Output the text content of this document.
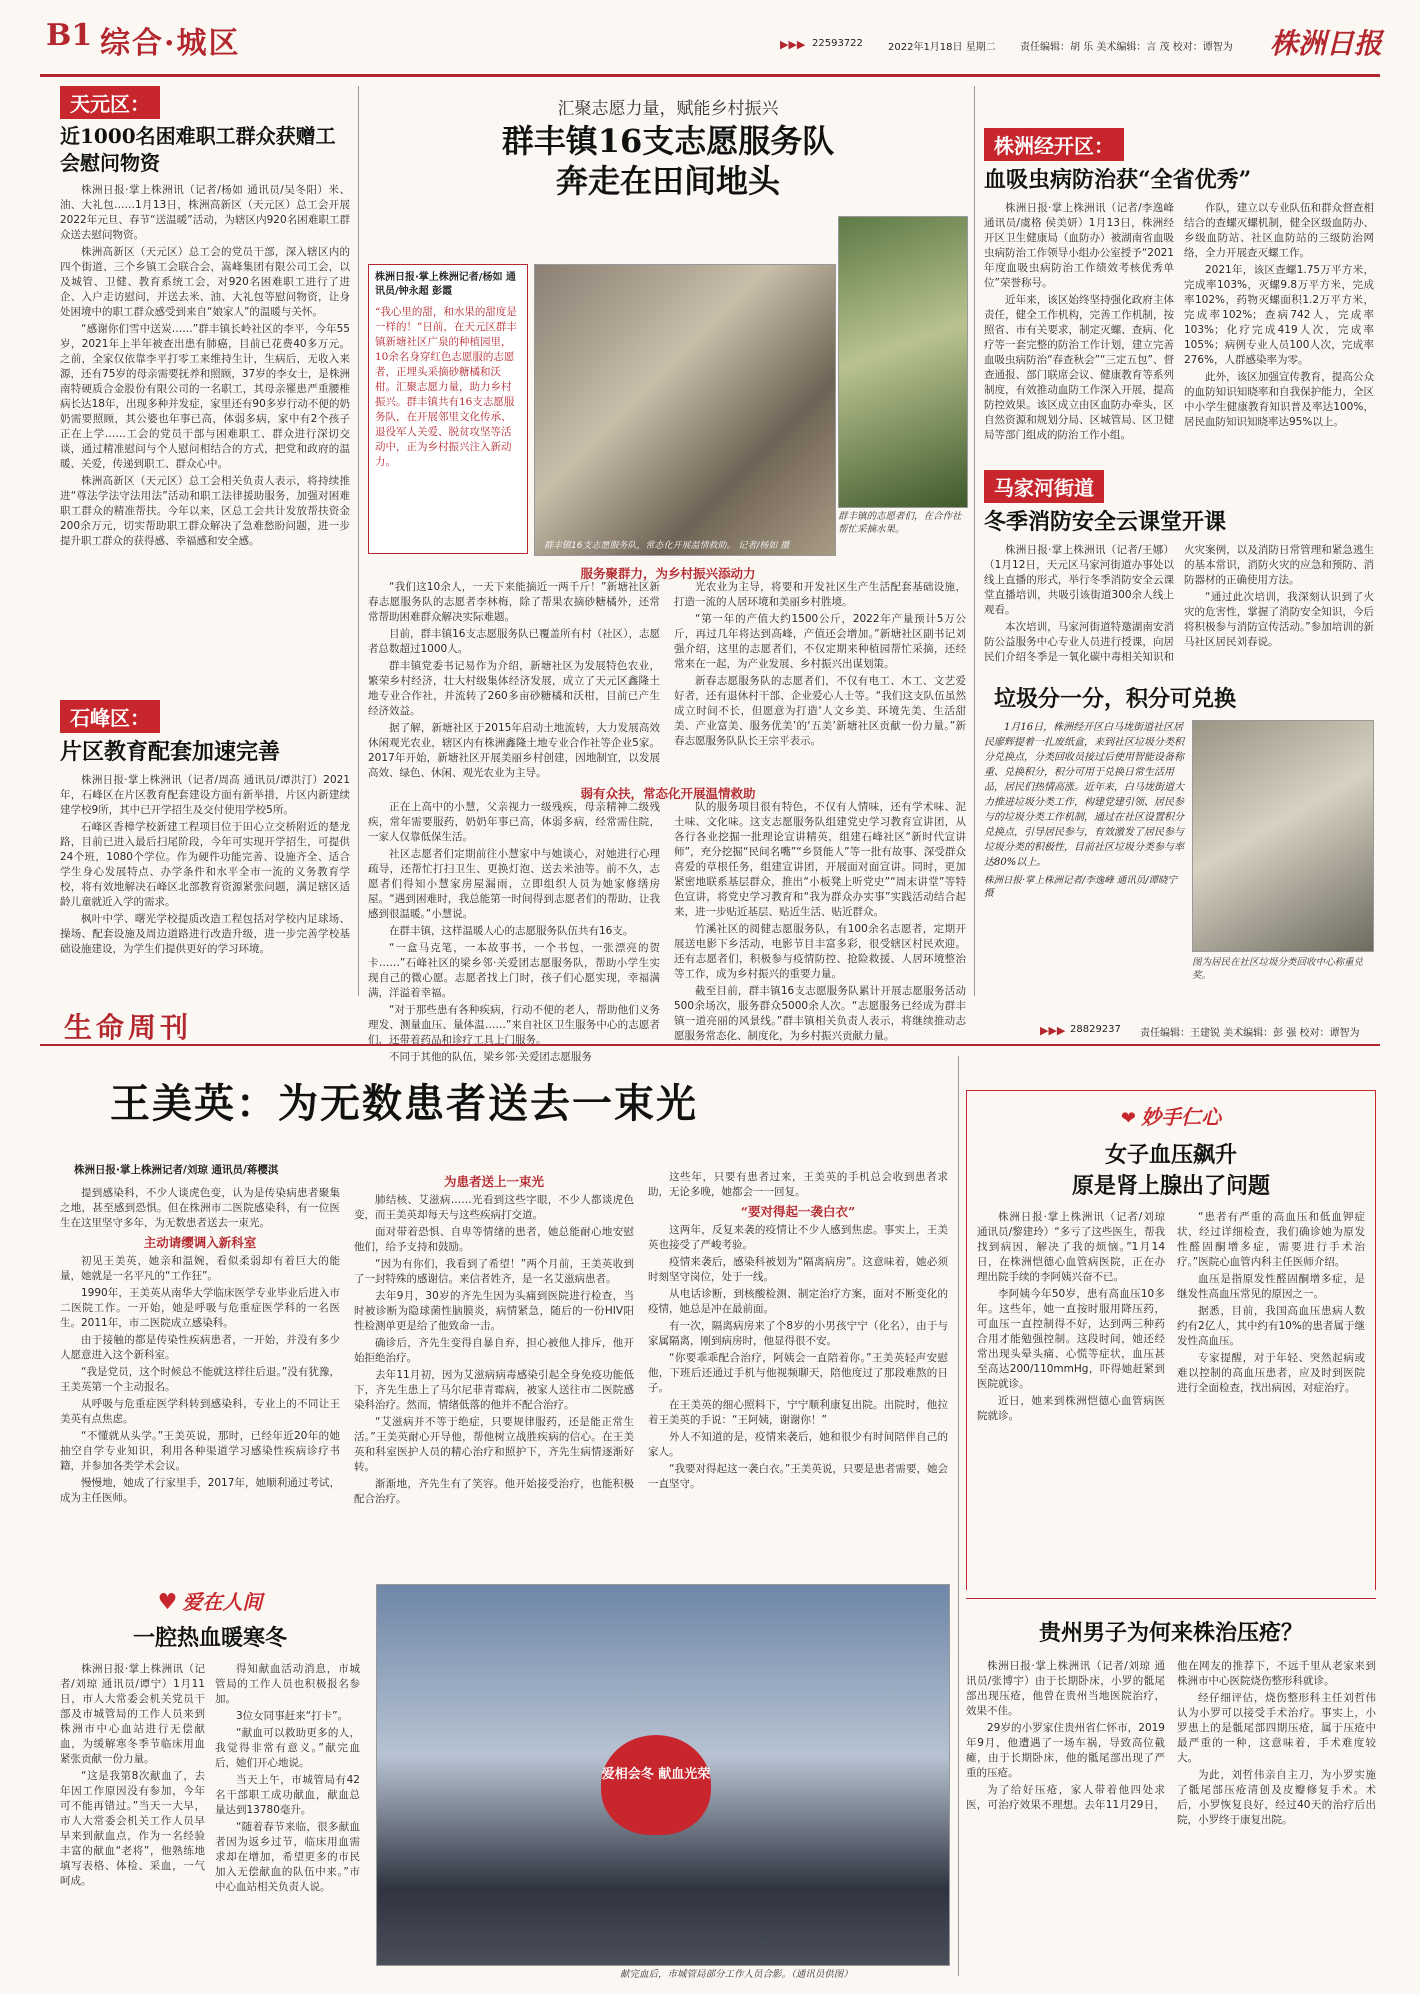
B1 综合·城区	▶▶▶ 22593722	2022年1月18日 星期二 责任编辑：胡 乐 美术编辑：言 茂 校对：谭智为 株洲日报
天元区：
近1000名困难职工群众获赠工会慰问物资

株洲日报·掌上株洲讯（记者/杨如 通讯员/吴冬阳）米、油、大礼包……1月13日，株洲高新区（天元区）总工会开展2022年元旦、春节“送温暖”活动，为辖区内920名困难职工群众送去慰问物资。

株洲高新区（天元区）总工会的党员干部，深入辖区内的四个街道、三个乡镇工会联合会，嵩峰集团有限公司工会，以及城管、卫健、教育系统工会，对920名困难职工进行了进企、入户走访慰问，并送去米、油、大礼包等慰问物资，让身处困境中的职工群众感受到来自“娘家人”的温暖与关怀。

“感谢你们雪中送炭……”群丰镇长岭社区的李平，今年55岁，2021年上半年被查出患有肺癌，目前已花费40多万元。之前，全家仅依靠李平打零工来维持生计，生病后，无收入来源，还有75岁的母亲需要抚养和照顾，37岁的李女士，是株洲南特硬质合金股份有限公司的一名职工，其母亲罹患严重腰椎病长达18年，出现多种并发症，家里还有90多岁行动不便的奶奶需要照顾，其公婆也年事已高，体弱多病，家中有2个孩子正在上学……工会的党员干部与困难职工、群众进行深切交谈，通过精准慰问与个人慰问相结合的方式，把党和政府的温暖、关爱，传递到职工、群众心中。

株洲高新区（天元区）总工会相关负责人表示，将持续推进“尊法学法守法用法”活动和职工法律援助服务，加强对困难职工群众的精准帮扶。今年以来，区总工会共计发放帮扶资金200余万元，切实帮助职工群众解决了急难愁盼问题，进一步提升职工群众的获得感、幸福感和安全感。

石峰区：
片区教育配套加速完善

株洲日报·掌上株洲讯（记者/周高 通讯员/谭洪汀）2021年，石峰区在片区教育配套建设方面有新举措，片区内新建续建学校9所，其中已开学招生及交付使用学校5所。

石峰区香樟学校新建工程项目位于田心立交桥附近的楚龙路，目前已进入最后扫尾阶段，今年可实现开学招生，可提供24个班，1080个学位。作为硬件功能完善、设施齐全、适合学生身心发展特点、办学条件和水平全市一流的义务教育学校，将有效地解决石峰区北部教育资源紧张问题，满足辖区适龄儿童就近入学的需求。

枫叶中学、曙光学校提质改造工程包括对学校内足球场、操场、配套设施及周边道路进行改造升级，进一步完善学校基础设施建设，为学生们提供更好的学习环境。

汇聚志愿力量，赋能乡村振兴
群丰镇16支志愿服务队
奔走在田间地头
株洲日报·掌上株洲记者/杨如 通讯员/钟永超 彭霞
“我心里的甜，和水果的甜度是一样的！”日前，在天元区群丰镇新塘社区广泉的种植园里，10余名身穿红色志愿服的志愿者，正埋头采摘砂糖橘和沃柑。汇聚志愿力量，助力乡村振兴。群丰镇共有16支志愿服务队，在开展邻里文化传承、退役军人关爱、脱贫攻坚等活动中，正为乡村振兴注入新动力。
群丰镇16支志愿服务队，常态化开展温情救助。 记者/杨如 摄
群丰镇的志愿者们，在合作社帮忙采摘水果。
服务聚群力，为乡村振兴添动力

“我们这10余人，一天下来能摘近一两千斤！”新塘社区新春志愿服务队的志愿者李林梅，除了帮果农摘砂糖橘外，还常常帮助困难群众解决实际难题。

目前，群丰镇16支志愿服务队已覆盖所有村（社区），志愿者总数超过1000人。

群丰镇党委书记易作为介绍，新塘社区为发展特色农业，繁荣乡村经济，壮大村级集体经济发展，成立了天元区鑫隆土地专业合作社，并流转了260多亩砂糖橘和沃柑，目前已产生经济效益。

据了解，新塘社区于2015年启动土地流转，大力发展高效休闲观光农业，辖区内有株洲鑫隆土地专业合作社等企业5家。2017年开始，新塘社区开展美丽乡村创建，因地制宜，以发展高效、绿色、休闲、观光农业为主导。

光农业为主导，将要和开发社区生产生活配套基础设施，打造一流的人居环境和美丽乡村胜境。

“第一年的产值大约1500公斤，2022年产量预计5万公斤，再过几年将达到高峰，产值还会增加。”新塘社区副书记刘强介绍，这里的志愿者们，不仅定期来种植园帮忙采摘，还经常来在一起，为产业发展、乡村振兴出谋划策。

新春志愿服务队的志愿者们，不仅有电工、木工、文艺爱好者，还有退休村干部、企业爱心人士等。“我们这支队伍虽然成立时间不长，但愿意为打造‘人文乡美、环境先美、生活甜美、产业富美、服务优美’的‘五美’新塘社区贡献一份力量。”新春志愿服务队队长王宗平表示。

弱有众扶，常态化开展温情救助

正在上高中的小慧，父亲视力一级残疾，母亲精神二级残疾，常年需要服药，奶奶年事已高，体弱多病，经常需住院，一家人仅靠低保生活。

社区志愿者们定期前往小慧家中与她谈心，对她进行心理疏导，还帮忙打扫卫生、更换灯泡、送去米油等。前不久，志愿者们得知小慧家房屋漏雨，立即组织人员为她家修缮房屋。“遇到困难时，我总能第一时间得到志愿者们的帮助，让我感到很温暖。”小慧说。

在群丰镇，这样温暖人心的志愿服务队伍共有16支。

“一盒马克笔，一本故事书，一个书包，一张漂亮的贺卡……”石峰社区的梁乡邻·关爱团志愿服务队，帮助小学生实现自己的微心愿。志愿者找上门时，孩子们心愿实现，幸福满满，洋溢着幸福。

“对于那些患有各种疾病，行动不便的老人，帮助他们义务理发、测量血压、量体温……”来自社区卫生服务中心的志愿者们，还带着药品和诊疗工具上门服务。

不同于其他的队伍，梁乡邻·关爱团志愿服务

队的服务项目很有特色，不仅有人情味，还有学术味、泥土味、文化味。这支志愿服务队组建党史学习教育宣讲团，从各行各业挖掘一批理论宣讲精英，组建石峰社区“新时代宣讲师”，充分挖掘“民间名嘴”“乡贤能人”等一批有故事、深受群众喜爱的草根任务，组建宣讲团，开展面对面宣讲。同时，更加紧密地联系基层群众，推出“小板凳上听党史”“周末讲堂”等特色宣讲，将党史学习教育和“我为群众办实事”实践活动结合起来，进一步贴近基层、贴近生活、贴近群众。

竹溪社区的阅健志愿服务队，有100余名志愿者，定期开展送电影下乡活动，电影节目丰富多彩，很受辖区村民欢迎。还有志愿者们，积极参与疫情防控、抢险救援、人居环境整治等工作，成为乡村振兴的重要力量。

截至目前，群丰镇16支志愿服务队累计开展志愿服务活动500余场次，服务群众5000余人次。“志愿服务已经成为群丰镇一道亮丽的风景线。”群丰镇相关负责人表示，将继续推动志愿服务常态化、制度化，为乡村振兴贡献力量。

株洲经开区：
血吸虫病防治获“全省优秀”

株洲日报·掌上株洲讯（记者/李逸峰 通讯员/虞格 侯美妍）1月13日，株洲经开区卫生健康局（血防办）被湖南省血吸虫病防治工作领导小组办公室授予“2021年度血吸虫病防治工作绩效考核优秀单位”荣誉称号。

近年来，该区始终坚持强化政府主体责任，健全工作机构，完善工作机制，按照省、市有关要求，制定灭螺、查病、化疗等一套完整的防治工作计划，建立完善血吸虫病防治“春查秋会”“三定五包”、督查通报、部门联席会议、健康教育等系列制度，有效推动血防工作深入开展，提高防控效果。该区成立由区血防办牵头，区自然资源和规划分局、区城管局、区卫健局等部门组成的防治工作小组。

作队，建立以专业队伍和群众督查相结合的查螺灭螺机制，健全区级血防办、乡级血防站、社区血防站的三级防治网络，全力开展查灭螺工作。

2021年，该区查螺1.75万平方米，完成率103%，灭螺9.8万平方米，完成率102%，药物灭螺面积1.2万平方米，完成率102%；查病742人，完成率103%；化疗完成419人次，完成率105%；病例专业人员100人次，完成率276%，人群感染率为零。

此外，该区加强宣传教育，提高公众的血防知识知晓率和自我保护能力，全区中小学生健康教育知识普及率达100%，居民血防知识知晓率达95%以上。

马家河街道
冬季消防安全云课堂开课

株洲日报·掌上株洲讯（记者/王娜）（1月12日，天元区马家河街道办事处以线上直播的形式，举行冬季消防安全云课堂直播培训，共吸引该街道300余人线上观看。

本次培训，马家河街道特邀湖南安消防公益服务中心专业人员进行授课，向居民们介绍冬季是一氧化碳中毒相关知识和火灾案例，以及消防日常管理和紧急逃生的基本常识，消防火灾的应急和预防、消防器材的正确使用方法。

“通过此次培训，我深刻认识到了火灾的危害性，掌握了消防安全知识，今后将积极参与消防宣传活动。”参加培训的新马社区居民刘春说。

垃圾分一分，积分可兑换
1月16日，株洲经开区白马垅街道社区居民廖辉提着一扎废纸盒，来到社区垃圾分类积分兑换点，分类回收员接过后使用智能设备称重、兑换积分，积分可用于兑换日常生活用品，居民们热情高涨。近年来，白马垅街道大力推进垃圾分类工作，构建党建引领、居民参与的垃圾分类工作机制，通过在社区设置积分兑换点，引导居民参与，有效激发了居民参与垃圾分类的积极性，目前社区垃圾分类参与率达80%以上。
株洲日报·掌上株洲记者/李逸峰 通讯员/谭晓宁 摄
图为居民在社区垃圾分类回收中心称重兑奖。
生命周刊	▶▶▶ 28829237 责任编辑：王建锐 美术编辑：彭 强 校对：谭智为
王美英：为无数患者送去一束光
株洲日报·掌上株洲记者/刘琼 通讯员/蒋樱淇

提到感染科，不少人谈虎色变，认为是传染病患者聚集之地，甚至感到恐惧。但在株洲市二医院感染科，有一位医生在这里坚守多年，为无数患者送去一束光。

主动请缨调入新科室

初见王美英，她亲和温婉，看似柔弱却有着巨大的能量，她就是一名平凡的“工作狂”。

1990年，王美英从南华大学临床医学专业毕业后进入市二医院工作。一开始，她是呼吸与危重症医学科的一名医生。2011年，市二医院成立感染科。

由于接触的都是传染性疾病患者，一开始，并没有多少人愿意进入这个新科室。

“我是党员，这个时候总不能就这样往后退。”没有犹豫，王美英第一个主动报名。

从呼吸与危重症医学科转到感染科，专业上的不同让王美英有点焦虑。

“不懂就从头学。”王美英说，那时，已经年近20年的她抽空自学专业知识，利用各种渠道学习感染性疾病诊疗书籍，并参加各类学术会议。

慢慢地，她成了行家里手，2017年，她顺利通过考试，成为主任医师。

为患者送上一束光

肺结核、艾滋病……光看到这些字眼，不少人都谈虎色变，而王美英却每天与这些疾病打交道。

面对带着恐惧、自卑等情绪的患者，她总能耐心地安慰他们，给予支持和鼓励。

“因为有你们，我看到了希望！”两个月前，王美英收到了一封特殊的感谢信。来信者姓齐，是一名艾滋病患者。

去年9月，30岁的齐先生因为头痛到医院进行检查，当时被诊断为隐球菌性脑膜炎，病情紧急，随后的一份HIV阳性检测单更是给了他致命一击。

确诊后，齐先生变得自暴自弃，担心被他人排斥，他开始拒绝治疗。

去年11月初，因为艾滋病病毒感染引起全身免疫功能低下，齐先生患上了马尔尼菲青霉病，被家人送往市二医院感染科治疗。然而，情绪低落的他并不配合治疗。

“艾滋病并不等于绝症，只要规律服药，还是能正常生活。”王美英耐心开导他，帮他树立战胜疾病的信心。在王美英和科室医护人员的精心治疗和照护下，齐先生病情逐渐好转。

渐渐地，齐先生有了笑容。他开始接受治疗，也能积极配合治疗。

这些年，只要有患者过来，王美英的手机总会收到患者求助，无论多晚，她都会一一回复。

“要对得起一袭白衣”

这两年，反复来袭的疫情让不少人感到焦虑。事实上，王美英也接受了严峻考验。

疫情来袭后，感染科被划为“隔离病房”。这意味着，她必须时刻坚守岗位，处于一线。

从电话诊断，到核酸检测、制定治疗方案，面对不断变化的疫情，她总是冲在最前面。

有一次，隔离病房来了个8岁的小男孩宁宁（化名），由于与家属隔离，刚到病房时，他显得很不安。

“你要乖乖配合治疗，阿姨会一直陪着你。”王美英轻声安慰他，下班后还通过手机与他视频聊天，陪他度过了那段难熬的日子。

在王美英的细心照料下，宁宁顺利康复出院。出院时，他拉着王美英的手说：“王阿姨，谢谢你！”

外人不知道的是，疫情来袭后，她和很少有时间陪伴自己的家人。

“我要对得起这一袭白衣。”王美英说，只要是患者需要，她会一直坚守。

♥ 爱在人间
一腔热血暖寒冬

株洲日报·掌上株洲讯（记者/刘琼 通讯员/谭宁）1月11日，市人大常委会机关党员干部及市城管局的工作人员来到株洲市中心血站进行无偿献血，为缓解寒冬季节临床用血紧张贡献一份力量。

“这是我第8次献血了，去年因工作原因没有参加，今年可不能再错过。”当天一大早，市人大常委会机关工作人员早早来到献血点，作为一名经验丰富的献血“老将”，他熟练地填写表格、体检、采血，一气呵成。

得知献血活动消息，市城管局的工作人员也积极报名参加。

3位女同事赶来“打卡”。

“献血可以救助更多的人，我觉得非常有意义。”献完血后，她们开心地说。

当天上午，市城管局有42名干部职工成功献血，献血总量达到13780毫升。

“随着春节来临，很多献血者因为返乡过节，临床用血需求却在增加，希望更多的市民加入无偿献血的队伍中来。”市中心血站相关负责人说。

爱相会冬 献血光荣
献完血后，市城管局部分工作人员合影。（通讯员供图）
❤ 妙手仁心
女子血压飙升
原是肾上腺出了问题

株洲日报·掌上株洲讯（记者/刘琼 通讯员/黎建玲）“多亏了这些医生，帮我找到病因，解决了我的烦恼。”1月14日，在株洲恺德心血管病医院，正在办理出院手续的李阿姨兴奋不已。

李阿姨今年50岁，患有高血压10多年。这些年，她一直按时服用降压药，可血压一直控制得不好，达到两三种药合用才能勉强控制。这段时间，她还经常出现头晕头痛、心慌等症状，血压甚至高达200/110mmHg，吓得她赶紧到医院就诊。

近日，她来到株洲恺德心血管病医院就诊。

“患者有严重的高血压和低血钾症状，经过详细检查，我们确诊她为原发性醛固酮增多症，需要进行手术治疗。”医院心血管内科主任医师介绍。

血压是指原发性醛固酮增多症，是继发性高血压常见的原因之一。

据悉，目前，我国高血压患病人数约有2亿人，其中约有10%的患者属于继发性高血压。

专家提醒，对于年轻、突然起病或难以控制的高血压患者，应及时到医院进行全面检查，找出病因，对症治疗。

贵州男子为何来株治压疮？

株洲日报·掌上株洲讯（记者/刘琼 通讯员/张博宇）由于长期卧床，小罗的骶尾部出现压疮，他曾在贵州当地医院治疗，效果不佳。

29岁的小罗家住贵州省仁怀市，2019年9月，他遭遇了一场车祸，导致高位截瘫，由于长期卧床，他的骶尾部出现了严重的压疮。

为了给好压疮，家人带着他四处求医，可治疗效果不理想。去年11月29日，他在网友的推荐下，不远千里从老家来到株洲市中心医院烧伤整形科就诊。

经仔细评估，烧伤整形科主任刘哲伟认为小罗可以接受手术治疗。事实上，小罗患上的是骶尾部四期压疮，属于压疮中最严重的一种，这意味着，手术难度较大。

为此，刘哲伟亲自主刀，为小罗实施了骶尾部压疮清创及皮瓣修复手术。术后，小罗恢复良好，经过40天的治疗后出院，小罗终于康复出院。
